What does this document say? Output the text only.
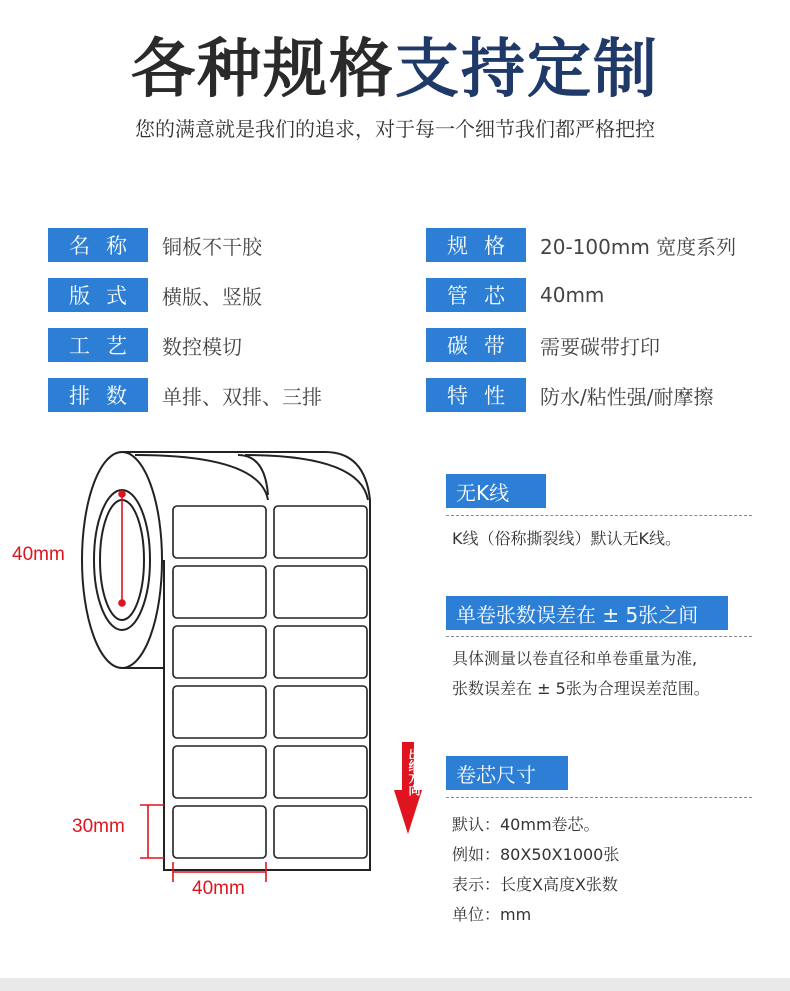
各种规格支持定制
您的满意就是我们的追求，对于每一个细节我们都严格把控
名称 铜板不干胶
版式 横版、竖版
工艺 数控模切
排数 单排、双排、三排
规格 20-100mm 宽度系列
管芯 40mm
碳带 需要碳带打印
特性 防水/粘性强/耐摩擦
40mm
30mm
40mm
出纸方向
无K线
K线（俗称撕裂线）默认无K线。
单卷张数误差在 ± 5张之间
具体测量以卷直径和单卷重量为准,
张数误差在 ± 5张为合理误差范围。
卷芯尺寸
默认：40mm卷芯。
例如：80X50X1000张
表示：长度X高度X张数
单位：mm
